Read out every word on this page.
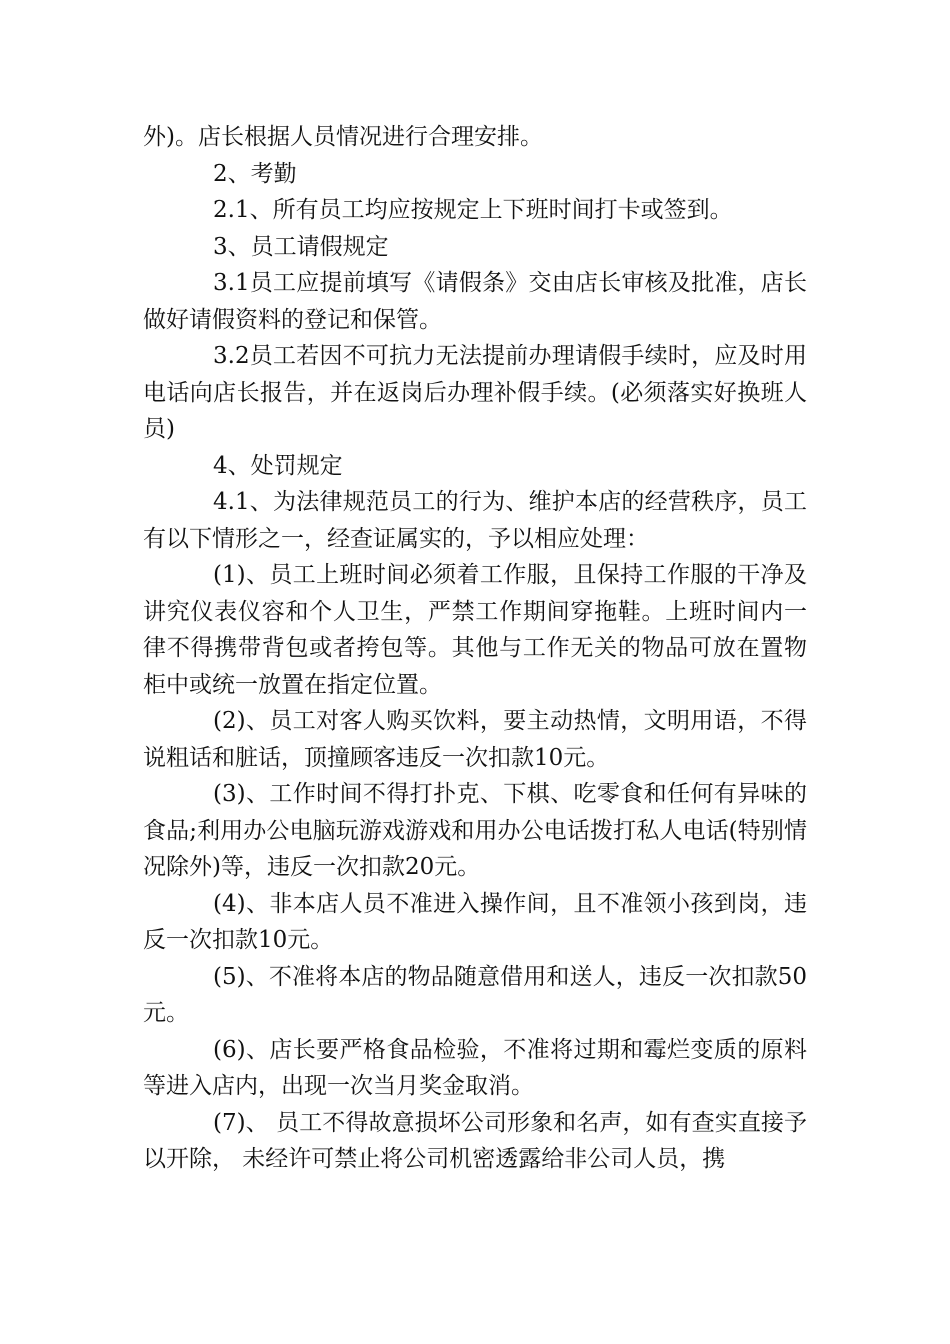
外)。店长根据人员情况进行合理安排。

2、考勤

2.1、所有员工均应按规定上下班时间打卡或签到。

3、员工请假规定

3.1员工应提前填写《请假条》交由店长审核及批准，店长做好请假资料的登记和保管。

3.2员工若因不可抗力无法提前办理请假手续时，应及时用电话向店长报告，并在返岗后办理补假手续。(必须落实好换班人员)

4、处罚规定

4.1、为法律规范员工的行为、维护本店的经营秩序，员工有以下情形之一，经查证属实的，予以相应处理：

(1)、员工上班时间必须着工作服，且保持工作服的干净及讲究仪表仪容和个人卫生，严禁工作期间穿拖鞋。上班时间内一律不得携带背包或者挎包等。其他与工作无关的物品可放在置物柜中或统一放置在指定位置。

(2)、员工对客人购买饮料，要主动热情，文明用语，不得说粗话和脏话，顶撞顾客违反一次扣款10元。

(3)、工作时间不得打扑克、下棋、吃零食和任何有异味的食品;利用办公电脑玩游戏游戏和用办公电话拨打私人电话(特别情况除外)等，违反一次扣款20元。

(4)、非本店人员不准进入操作间，且不准领小孩到岗，违反一次扣款10元。

(5)、不准将本店的物品随意借用和送人，违反一次扣款50元。

(6)、店长要严格食品检验，不准将过期和霉烂变质的原料等进入店内，出现一次当月奖金取消。

(7)、 员工不得故意损坏公司形象和名声，如有查实直接予以开除， 未经许可禁止将公司机密透露给非公司人员，携
